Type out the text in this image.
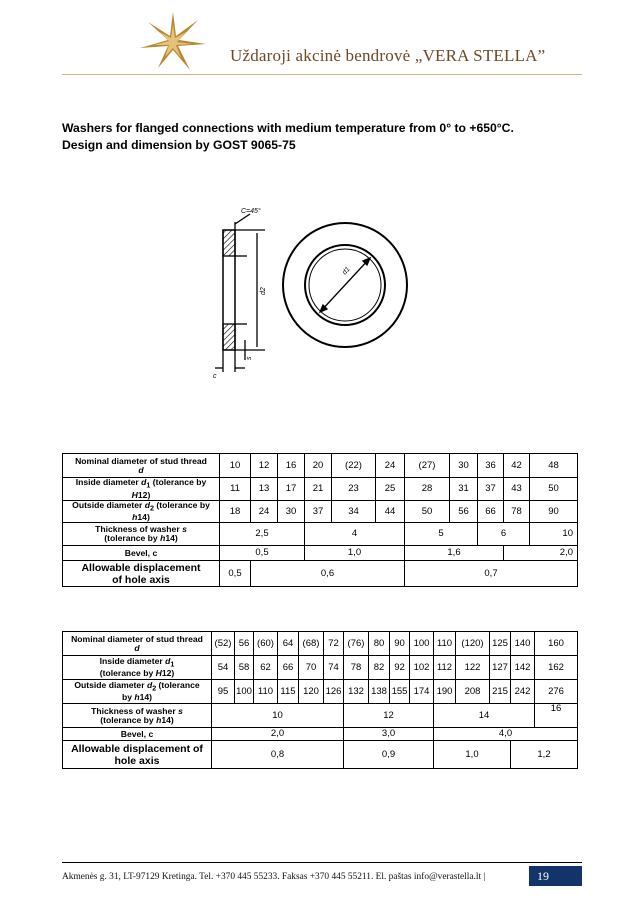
Uždaroji akcinė bendrovė „VERA STELLA”
Washers for flanged connections with medium temperature from 0° to +650°C.
Design and dimension by GOST 9065-75
C=45°
d2
d1
s
c
Nominal diameter of stud thread
d	10	12	16	20	(22)	24	(27)	30	36	42	48
Inside diameter $d_1$ (tolerance by
H12)	11	13	17	21	23	25	28	31	37	43	50
Outside diameter $d_2$ (tolerance by
h14)	18	24	30	37	34	44	50	56	66	78	90
Thickness of washer s
(tolerance by h14)	2,5			4			5		6		10
Bevel, c	0,5			1,0			1,6			2,0	
Allowable displacement
of hole axis	0,5	0,6					0,7				
Nominal diameter of stud thread
d	(52)	56	(60)	64	(68)	72	(76)	80	90	100	110	(120)	125	140	160
Inside diameter $d_1$
(tolerance by H12)	54	58	62	66	70	74	78	82	92	102	112	122	127	142	162
Outside diameter $d_2$ (tolerance
by h14)	95	100	110	115	120	126	132	138	155	174	190	208	215	242	276
Thickness of washer s
(tolerance by h14)	10						12				14				16
Bevel, c	2,0						3,0				4,0				
Allowable displacement of
hole axis	0,8						0,9				1,0			1,2	
Akmenės g. 31, LT-97129 Kretinga. Tel. +370 445 55233. Faksas +370 445 55211. El. paštas info@verastella.lt |	19
